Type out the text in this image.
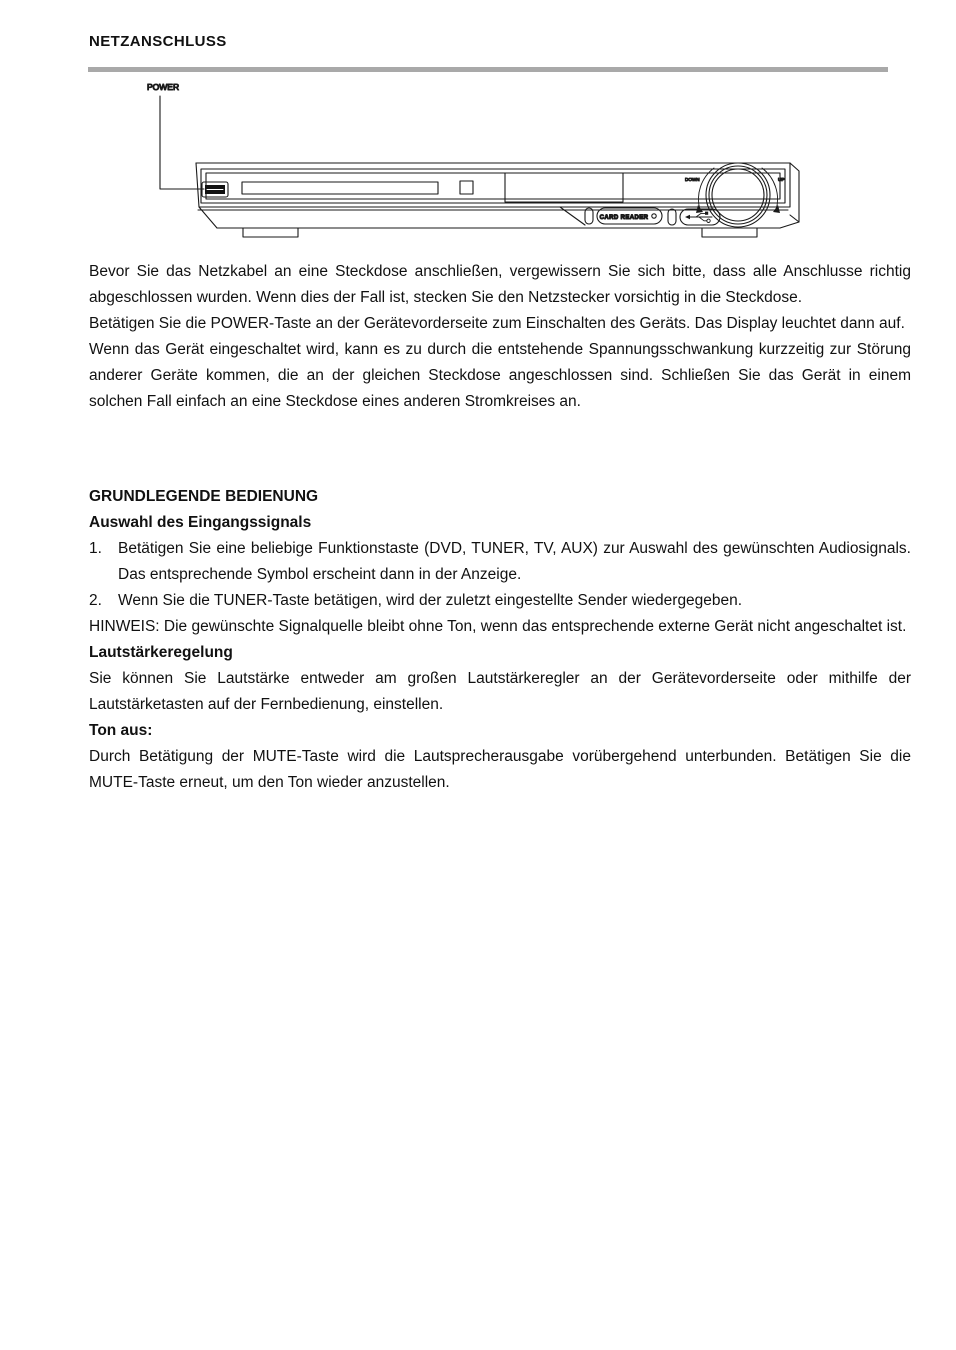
NETZANSCHLUSS
POWER
DOWN	UP
CARD READER

Bevor Sie das Netzkabel an eine Steckdose anschließen, vergewissern Sie sich bitte, dass alle Anschlusse richtig abgeschlossen wurden. Wenn dies der Fall ist, stecken Sie den Netzstecker vorsichtig in die Steckdose.

Betätigen Sie die POWER-Taste an der Gerätevorderseite zum Einschalten des Geräts. Das Display leuchtet dann auf.

Wenn das Gerät eingeschaltet wird, kann es zu durch die entstehende Spannungsschwankung kurzzeitig zur Störung anderer Geräte kommen, die an der gleichen Steckdose angeschlossen sind. Schließen Sie das Gerät in einem solchen Fall einfach an eine Steckdose eines anderen Stromkreises an.

GRUNDLEGENDE BEDIENUNG

Auswahl des Eingangssignals

1.	Betätigen Sie eine beliebige Funktionstaste (DVD, TUNER, TV, AUX) zur Auswahl des gewünschten Audiosignals. Das entsprechende Symbol erscheint dann in der Anzeige.
2.	Wenn Sie die TUNER-Taste betätigen, wird der zuletzt eingestellte Sender wiedergegeben.

HINWEIS: Die gewünschte Signalquelle bleibt ohne Ton, wenn das entsprechende externe Gerät nicht angeschaltet ist.

Lautstärkeregelung

Sie können Sie Lautstärke entweder am großen Lautstärkeregler an der Gerätevorderseite oder mithilfe der Lautstärketasten auf der Fernbedienung, einstellen.

Ton aus:

Durch Betätigung der MUTE-Taste wird die Lautsprecherausgabe vorübergehend unterbunden. Betätigen Sie die MUTE-Taste erneut, um den Ton wieder anzustellen.
